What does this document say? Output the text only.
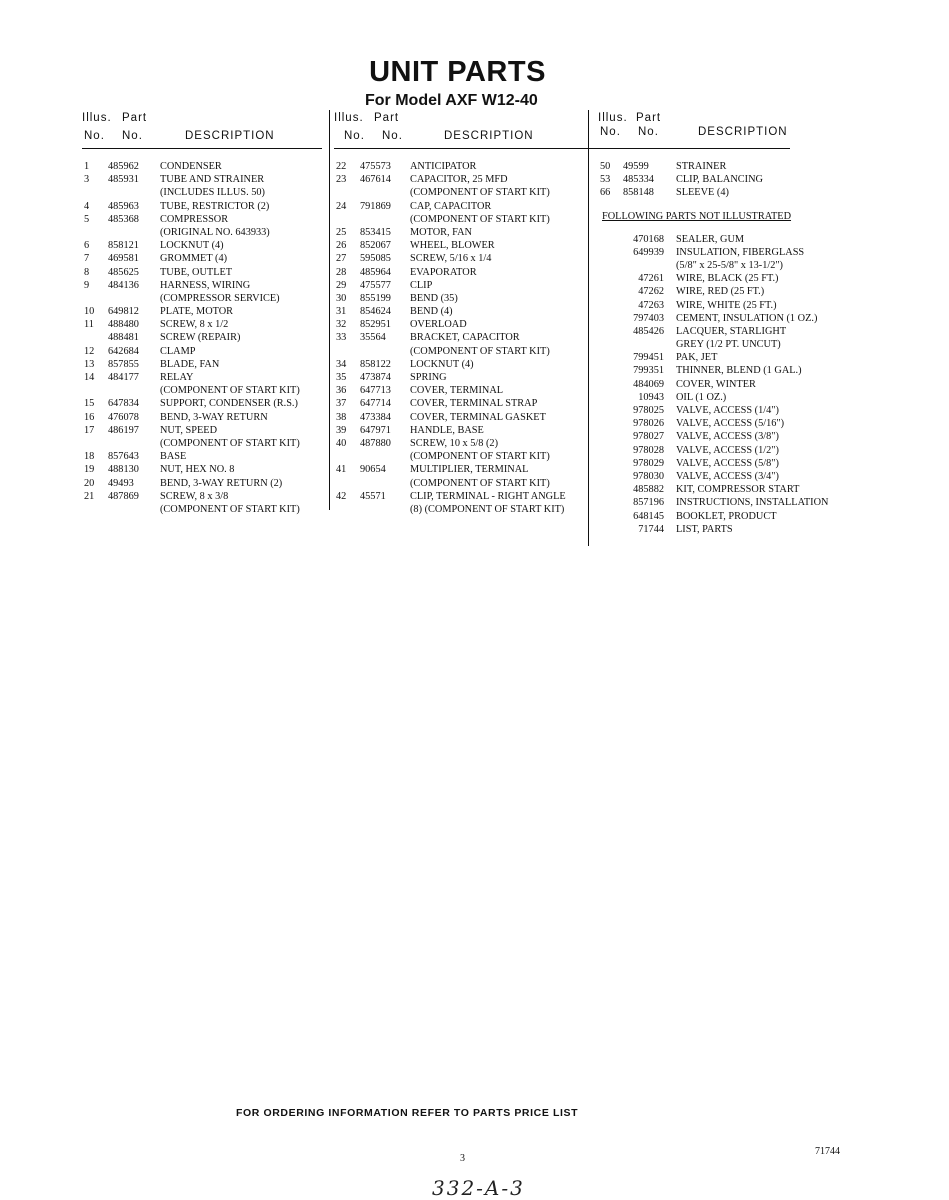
UNIT PARTS
For Model AXF W12-40
Illus. Part
No. No.	DESCRIPTION
1 485962 CONDENSER
3 485931 TUBE AND STRAINER
(INCLUDES ILLUS. 50)
4 485963 TUBE, RESTRICTOR (2)
5 485368 COMPRESSOR
(ORIGINAL NO. 643933)
6 858121 LOCKNUT (4)
7 469581 GROMMET (4)
8 485625 TUBE, OUTLET
9 484136 HARNESS, WIRING
(COMPRESSOR SERVICE)
10 649812 PLATE, MOTOR
11 488480 SCREW, 8 x 1/2
488481 SCREW (REPAIR)
12 642684 CLAMP
13 857855 BLADE, FAN
14 484177 RELAY
(COMPONENT OF START KIT)
15 647834 SUPPORT, CONDENSER (R.S.)
16 476078 BEND, 3-WAY RETURN
17 486197 NUT, SPEED
(COMPONENT OF START KIT)
18 857643 BASE
19 488130 NUT, HEX NO. 8
20 49493	BEND, 3-WAY RETURN (2)
21 487869 SCREW, 8 x 3/8
(COMPONENT OF START KIT)
Illus. Part
No. No.	DESCRIPTION
22 475573 ANTICIPATOR
23 467614 CAPACITOR, 25 MFD
(COMPONENT OF START KIT)
24 791869 CAP, CAPACITOR
(COMPONENT OF START KIT)
25 853415 MOTOR, FAN
26 852067 WHEEL, BLOWER
27 595085 SCREW, 5/16 x 1/4
28 485964 EVAPORATOR
29 475577 CLIP
30 855199 BEND (35)
31 854624 BEND (4)
32 852951 OVERLOAD
33 35564 BRACKET, CAPACITOR
(COMPONENT OF START KIT)
34 858122 LOCKNUT (4)
35 473874 SPRING
36 647713 COVER, TERMINAL
37 647714 COVER, TERMINAL STRAP
38 473384 COVER, TERMINAL GASKET
39 647971 HANDLE, BASE
40 487880 SCREW, 10 x 5/8 (2)
(COMPONENT OF START KIT)
41 90654 MULTIPLIER, TERMINAL
(COMPONENT OF START KIT)
42 45571 CLIP, TERMINAL - RIGHT ANGLE
(8) (COMPONENT OF START KIT)
Illus. Part
No. No.	DESCRIPTION
50 49599	STRAINER
53 485334 CLIP, BALANCING
66 858148 SLEEVE (4)
FOLLOWING PARTS NOT ILLUSTRATED
470168 SEALER, GUM
649939 INSULATION, FIBERGLASS
(5/8" x 25-5/8" x 13-1/2")
47261 WIRE, BLACK (25 FT.)
47262 WIRE, RED (25 FT.)
47263 WIRE, WHITE (25 FT.)
797403 CEMENT, INSULATION (1 OZ.)
485426 LACQUER, STARLIGHT
GREY (1/2 PT. UNCUT)
799451 PAK, JET
799351 THINNER, BLEND (1 GAL.)
484069 COVER, WINTER
10943 OIL (1 OZ.)
978025 VALVE, ACCESS (1/4")
978026 VALVE, ACCESS (5/16")
978027 VALVE, ACCESS (3/8")
978028 VALVE, ACCESS (1/2")
978029 VALVE, ACCESS (5/8")
978030 VALVE, ACCESS (3/4")
485882 KIT, COMPRESSOR START
857196 INSTRUCTIONS, INSTALLATION
648145 BOOKLET, PRODUCT
71744 LIST, PARTS
FOR ORDERING INFORMATION REFER TO PARTS PRICE LIST
3
71744
332-A-3
